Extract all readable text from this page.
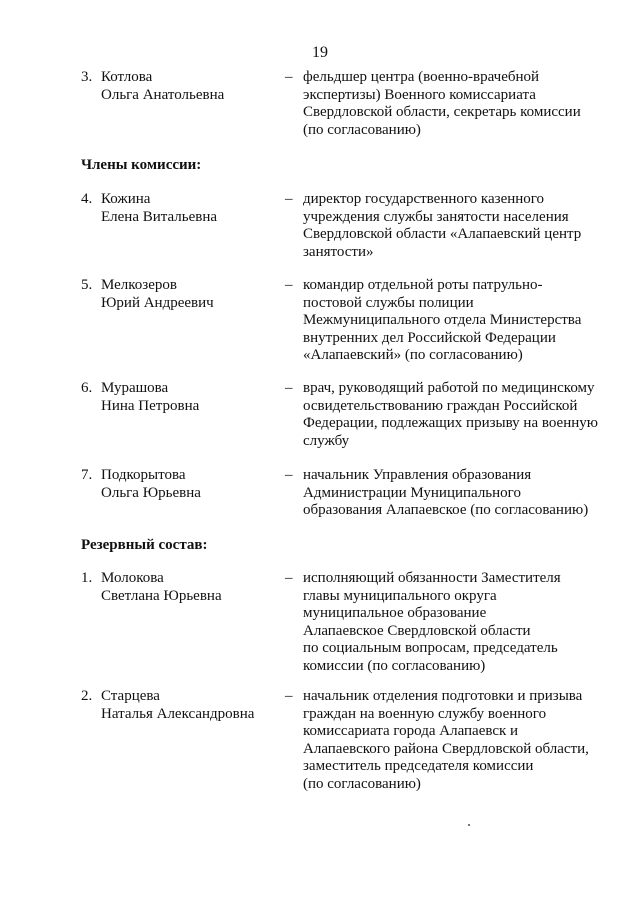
19
3. Котлова
Ольга Анатольевна
– фельдшер центра (военно-врачебной
экспертизы) Военного комиссариата
Свердловской области, секретарь комиссии
(по согласованию)
Члены комиссии:
4. Кожина
Елена Витальевна
– директор государственного казенного
учреждения службы занятости населения
Свердловской области «Алапаевский центр
занятости»
5. Мелкозеров
Юрий Андреевич
– командир отдельной роты патрульно-
постовой службы полиции
Межмуниципального отдела Министерства
внутренних дел Российской Федерации
«Алапаевский» (по согласованию)
6. Мурашова
Нина Петровна
– врач, руководящий работой по медицинскому
освидетельствованию граждан Российской
Федерации, подлежащих призыву на военную
службу
7. Подкорытова
Ольга Юрьевна
– начальник Управления образования
Администрации Муниципального
образования Алапаевское (по согласованию)
Резервный состав:
1. Молокова
Светлана Юрьевна
– исполняющий обязанности Заместителя
главы муниципального округа
муниципальное образование
Алапаевское Свердловской области
по социальным вопросам, председатель
комиссии (по согласованию)
2. Старцева
Наталья Александровна
– начальник отделения подготовки и призыва
граждан на военную службу военного
комиссариата города Алапаевск и
Алапаевского района Свердловской области,
заместитель председателя комиссии
(по согласованию)
